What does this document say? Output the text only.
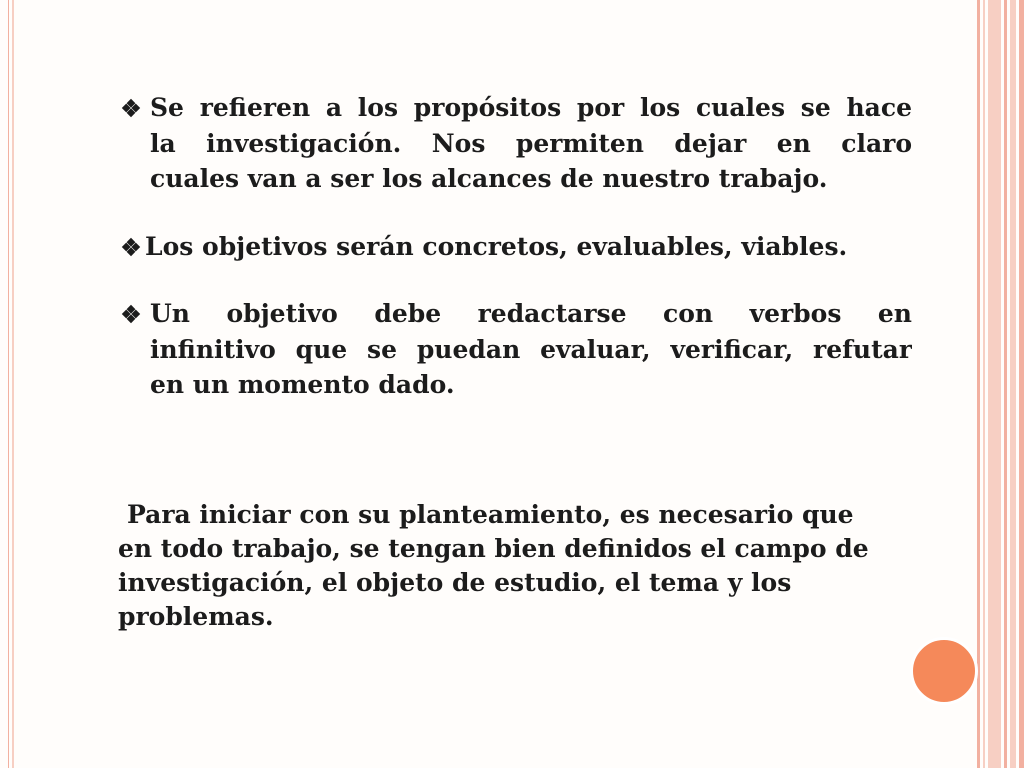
Se refieren a los propósitos por los cuales se hace
la investigación. Nos permiten dejar en claro
cuales van a ser los alcances de nuestro trabajo.
Los objetivos serán concretos, evaluables, viables.
Un objetivo debe redactarse con verbos en
infinitivo que se puedan evaluar, verificar, refutar
en un momento dado.
Para iniciar con su planteamiento, es necesario que
en todo trabajo, se tengan bien definidos el campo de
investigación, el objeto de estudio, el tema y los
problemas.
